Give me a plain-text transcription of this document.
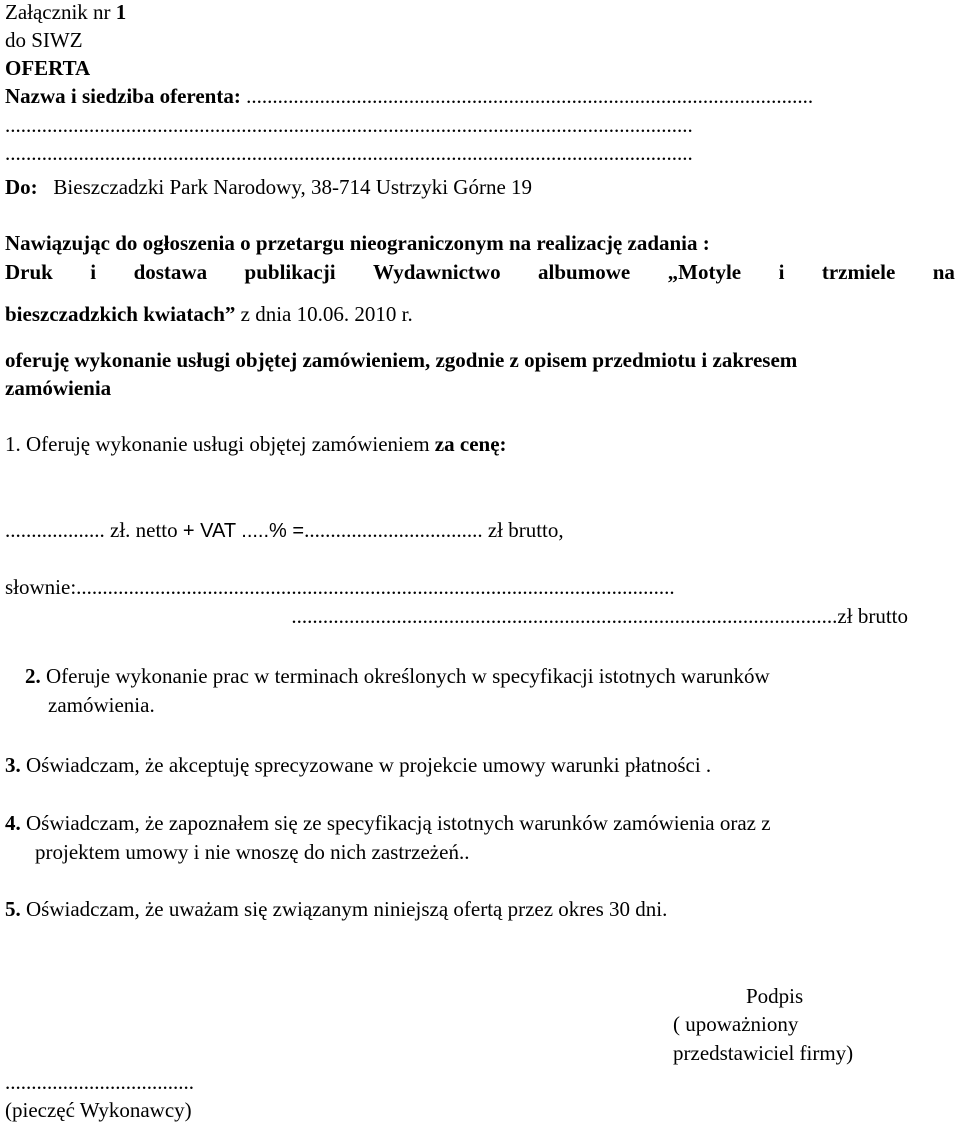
Załącznik nr 1
do SIWZ
OFERTA
Nazwa i siedziba oferenta: ............................................................................................................
...................................................................................................................................
...................................................................................................................................
Do: Bieszczadzki Park Narodowy, 38-714 Ustrzyki Górne 19
Nawiązując do ogłoszenia o przetargu nieograniczonym na realizację zadania :
Druk i dostawa publikacji Wydawnictwo albumowe „Motyle i trzmiele na
bieszczadzkich kwiatach” z dnia 10.06. 2010 r.
oferuję wykonanie usługi objętej zamówieniem, zgodnie z opisem przedmiotu i zakresem
zamówienia
1. Oferuję wykonanie usługi objętej zamówieniem za cenę:
................... zł. netto + VAT .....% =.................................. zł brutto,
słownie:..................................................................................................................
........................................................................................................zł brutto
2. Oferuje wykonanie prac w terminach określonych w specyfikacji istotnych warunków
zamówienia.
3. Oświadczam, że akceptuję sprecyzowane w projekcie umowy warunki płatności .
4. Oświadczam, że zapoznałem się ze specyfikacją istotnych warunków zamówienia oraz z
projektem umowy i nie wnoszę do nich zastrzeżeń..
5. Oświadczam, że uważam się związanym niniejszą ofertą przez okres 30 dni.
Podpis
( upoważniony
przedstawiciel firmy)
....................................
(pieczęć Wykonawcy)
